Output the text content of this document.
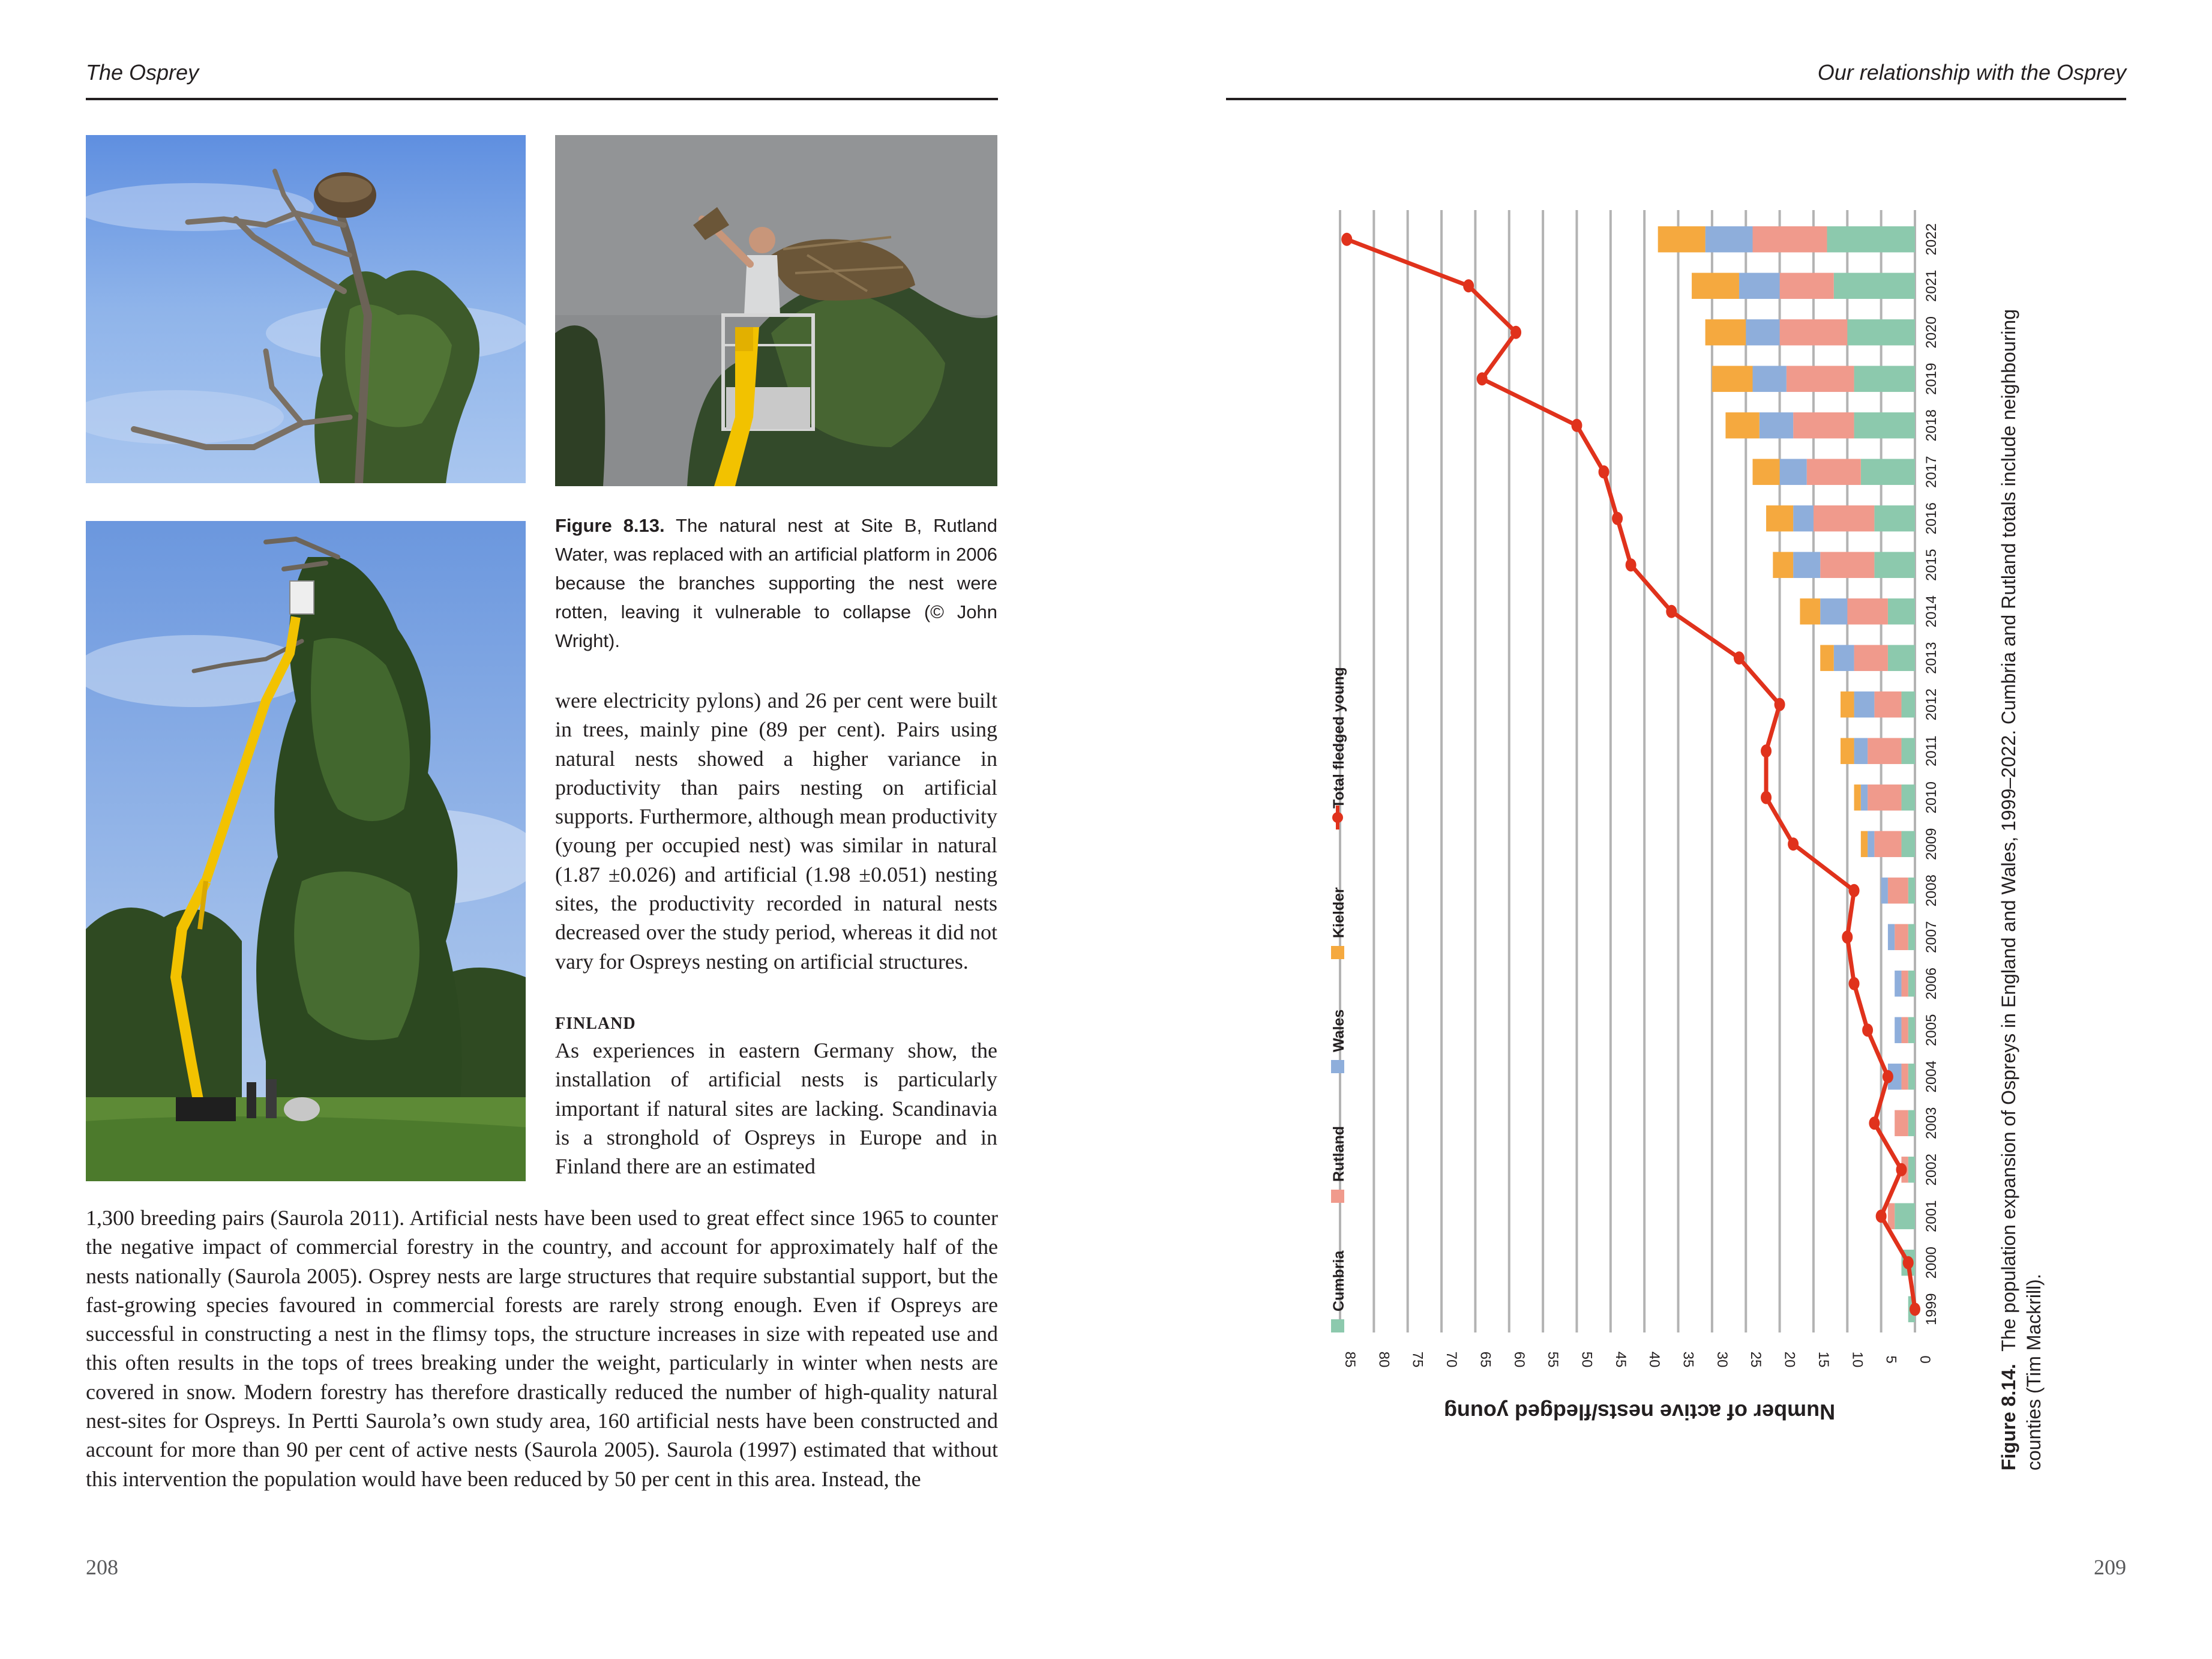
The Osprey
Figure 8.13. The natural nest at Site B, Rutland Water, was replaced with an artificial platform in 2006 because the branches supporting the nest were rotten, leaving it vulnerable to collapse (© John Wright).

were electricity pylons) and 26 per cent were built in trees, mainly pine (89 per cent). Pairs using natural nests showed a higher variance in productivity than pairs nesting on artificial supports. Furthermore, although mean productivity (young per occupied nest) was similar in natural (1.87 ±0.026) and artificial (1.98 ±0.051) nesting sites, the productivity recorded in natural nests decreased over the study period, whereas it did not vary for Ospreys nesting on artificial structures.

FINLAND

As experiences in eastern Germany show, the installation of artificial nests is particularly important if natural sites are lacking. Scandinavia is a stronghold of Ospreys in Europe and in Finland there are an estimated

1,300 breeding pairs (Saurola 2011). Artificial nests have been used to great effect since 1965 to counter the negative impact of commercial forestry in the country, and account for approximately half of the nests nationally (Saurola 2005). Osprey nests are large structures that require substantial support, but the fast-growing species favoured in commercial forests are rarely strong enough. Even if Ospreys are successful in constructing a nest in the flimsy tops, the structure increases in size with repeated use and this often results in the tops of trees breaking under the weight, particularly in winter when nests are covered in snow. Modern forestry has therefore drastically reduced the number of high-quality natural nest-sites for Ospreys. In Pertti Saurola’s own study area, 160 artificial nests have been constructed and account for more than 90 per cent of active nests (Saurola 2005). Saurola (1997) estimated that without this intervention the population would have been reduced by 50 per cent in this area. Instead, the

208
Our relationship with the Osprey
209
0
5
10
15
20
25
30
35
40
45
50
55
60
65
70
75
80
85
Number of active nests/fledged young
1999
2000
2001
2002
2003
2004
2005
2006
2007
2008
2009
2010
2011
2012
2013
2014
2015
2016
2017
2018
2019
2020
2021
2022
Cumbria
Rutland
Wales
Kielder
Total fledged young
Figure 8.14. The population expansion of Ospreys in England and Wales, 1999–2022. Cumbria and Rutland totals include neighbouring
counties (Tim Mackrill).
